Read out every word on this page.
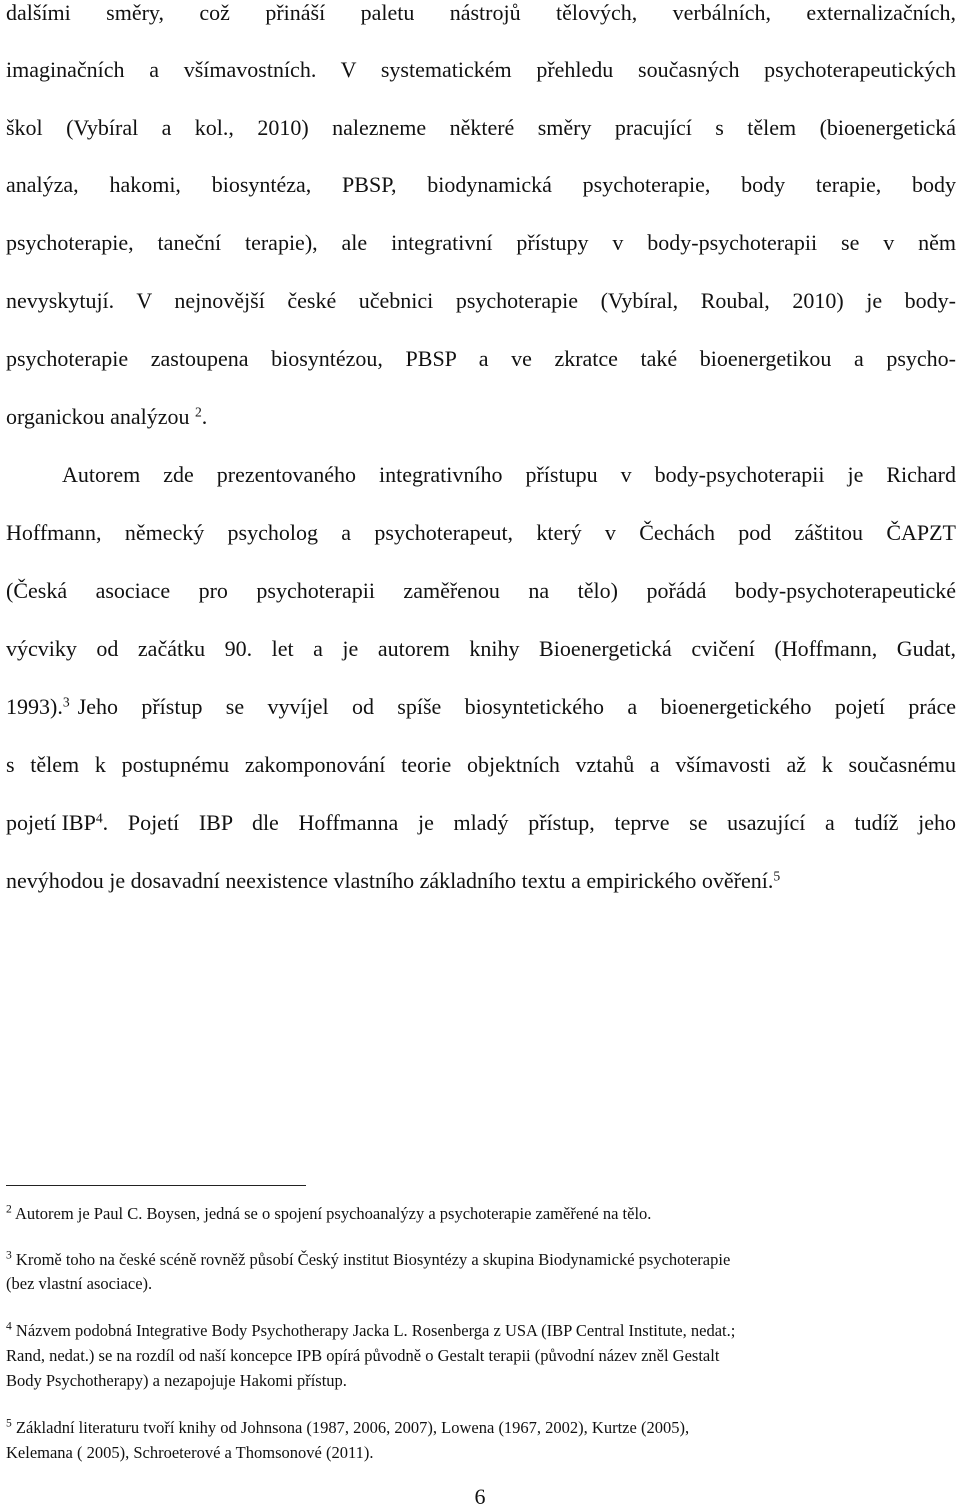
dalšími směry, což přináší paletu nástrojů tělových, verbálních, externalizačních,
imaginačních a všímavostních. V systematickém přehledu současných psychoterapeutických
škol (Vybíral a kol., 2010) nalezneme některé směry pracující s tělem (bioenergetická
analýza, hakomi, biosyntéza, PBSP, biodynamická psychoterapie, body terapie, body
psychoterapie, taneční terapie), ale integrativní přístupy v body-psychoterapii se v něm
nevyskytují. V nejnovější české učebnici psychoterapie (Vybíral, Roubal, 2010) je body-
psychoterapie zastoupena biosyntézou, PBSP a ve zkratce také bioenergetikou a psycho-
organickou analýzou $^2$.
Autorem zde prezentovaného integrativního přístupu v body-psychoterapii je Richard
Hoffmann, německý psycholog a psychoterapeut, který v Čechách pod záštitou ČAPZT
(Česká asociace pro psychoterapii zaměřenou na tělo) pořádá body-psychoterapeutické
výcviky od začátku 90. let a je autorem knihy Bioenergetická cvičení (Hoffmann, Gudat,
1993).$^3$ Jeho přístup se vyvíjel od spíše biosyntetického a bioenergetického pojetí práce
s tělem k postupnému zakomponování teorie objektních vztahů a všímavosti až k současnému
pojetí IBP$^4$ . Pojetí IBP dle Hoffmanna je mladý přístup, teprve se usazující a tudíž jeho
nevýhodou je dosavadní neexistence vlastního základního textu a empirického ověření.$^5$
$^2$ Autorem je Paul C. Boysen, jedná se o spojení psychoanalýzy a psychoterapie zaměřené na tělo.
$^3$ Kromě toho na české scéně rovněž působí Český institut Biosyntézy a skupina Biodynamické psychoterapie
(bez vlastní asociace).
$^4$ Názvem podobná Integrative Body Psychotherapy Jacka L. Rosenberga z USA (IBP Central Institute, nedat.;
Rand, nedat.) se na rozdíl od naší koncepce IPB opírá původně o Gestalt terapii (původní název zněl Gestalt
Body Psychotherapy) a nezapojuje Hakomi přístup.
$^5$ Základní literaturu tvoří knihy od Johnsona (1987, 2006, 2007), Lowena (1967, 2002), Kurtze (2005),
Kelemana ( 2005), Schroeterové a Thomsonové (2011).
6
